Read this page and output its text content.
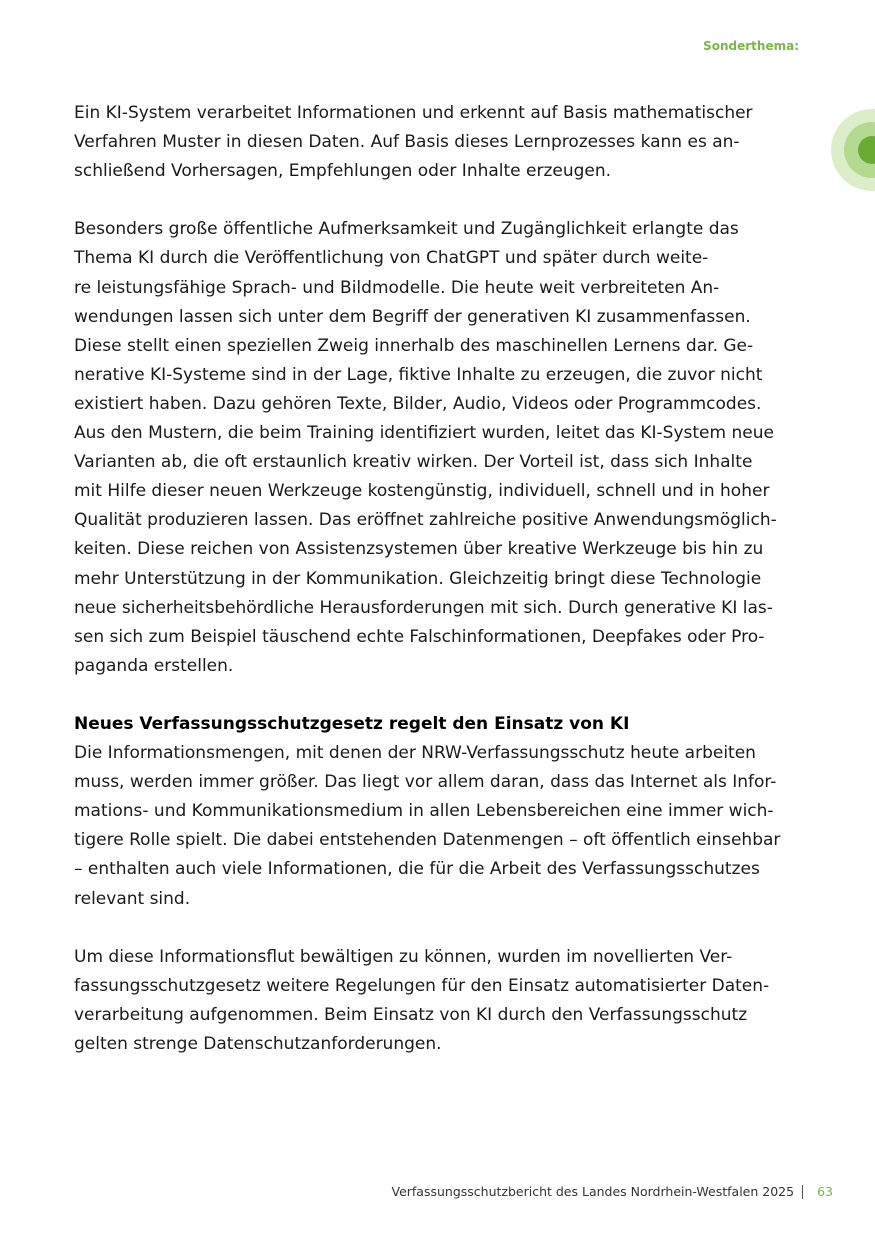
Sonderthema:

Ein KI-System verarbeitet Informationen und erkennt auf Basis mathematischer
Verfahren Muster in diesen Daten. Auf Basis dieses Lernprozesses kann es an-
schließend Vorhersagen, Empfehlungen oder Inhalte erzeugen.

Besonders große öffentliche Aufmerksamkeit und Zugänglichkeit erlangte das
Thema KI durch die Veröffentlichung von ChatGPT und später durch weite-
re leistungsfähige Sprach- und Bildmodelle. Die heute weit verbreiteten An-
wendungen lassen sich unter dem Begriff der generativen KI zusammenfassen.
Diese stellt einen speziellen Zweig innerhalb des maschinellen Lernens dar. Ge-
nerative KI-Systeme sind in der Lage, fiktive Inhalte zu erzeugen, die zuvor nicht
existiert haben. Dazu gehören Texte, Bilder, Audio, Videos oder Programmcodes.
Aus den Mustern, die beim Training identifiziert wurden, leitet das KI-System neue
Varianten ab, die oft erstaunlich kreativ wirken. Der Vorteil ist, dass sich Inhalte
mit Hilfe dieser neuen Werkzeuge kostengünstig, individuell, schnell und in hoher
Qualität produzieren lassen. Das eröffnet zahlreiche positive Anwendungsmöglich-
keiten. Diese reichen von Assistenzsystemen über kreative Werkzeuge bis hin zu
mehr Unterstützung in der Kommunikation. Gleichzeitig bringt diese Technologie
neue sicherheitsbehördliche Herausforderungen mit sich. Durch generative KI las-
sen sich zum Beispiel täuschend echte Falschinformationen, Deepfakes oder Pro-
paganda erstellen.

Neues Verfassungsschutzgesetz regelt den Einsatz von KI

Die Informationsmengen, mit denen der NRW-Verfassungsschutz heute arbeiten
muss, werden immer größer. Das liegt vor allem daran, dass das Internet als Infor-
mations- und Kommunikationsmedium in allen Lebensbereichen eine immer wich-
tigere Rolle spielt. Die dabei entstehenden Datenmengen – oft öffentlich einsehbar
– enthalten auch viele Informationen, die für die Arbeit des Verfassungsschutzes
relevant sind.

Um diese Informationsflut bewältigen zu können, wurden im novellierten Ver-
fassungsschutzgesetz weitere Regelungen für den Einsatz automatisierter Daten-
verarbeitung aufgenommen. Beim Einsatz von KI durch den Verfassungsschutz
gelten strenge Datenschutzanforderungen.

Verfassungsschutzbericht des Landes Nordrhein-Westfalen 2025 63
